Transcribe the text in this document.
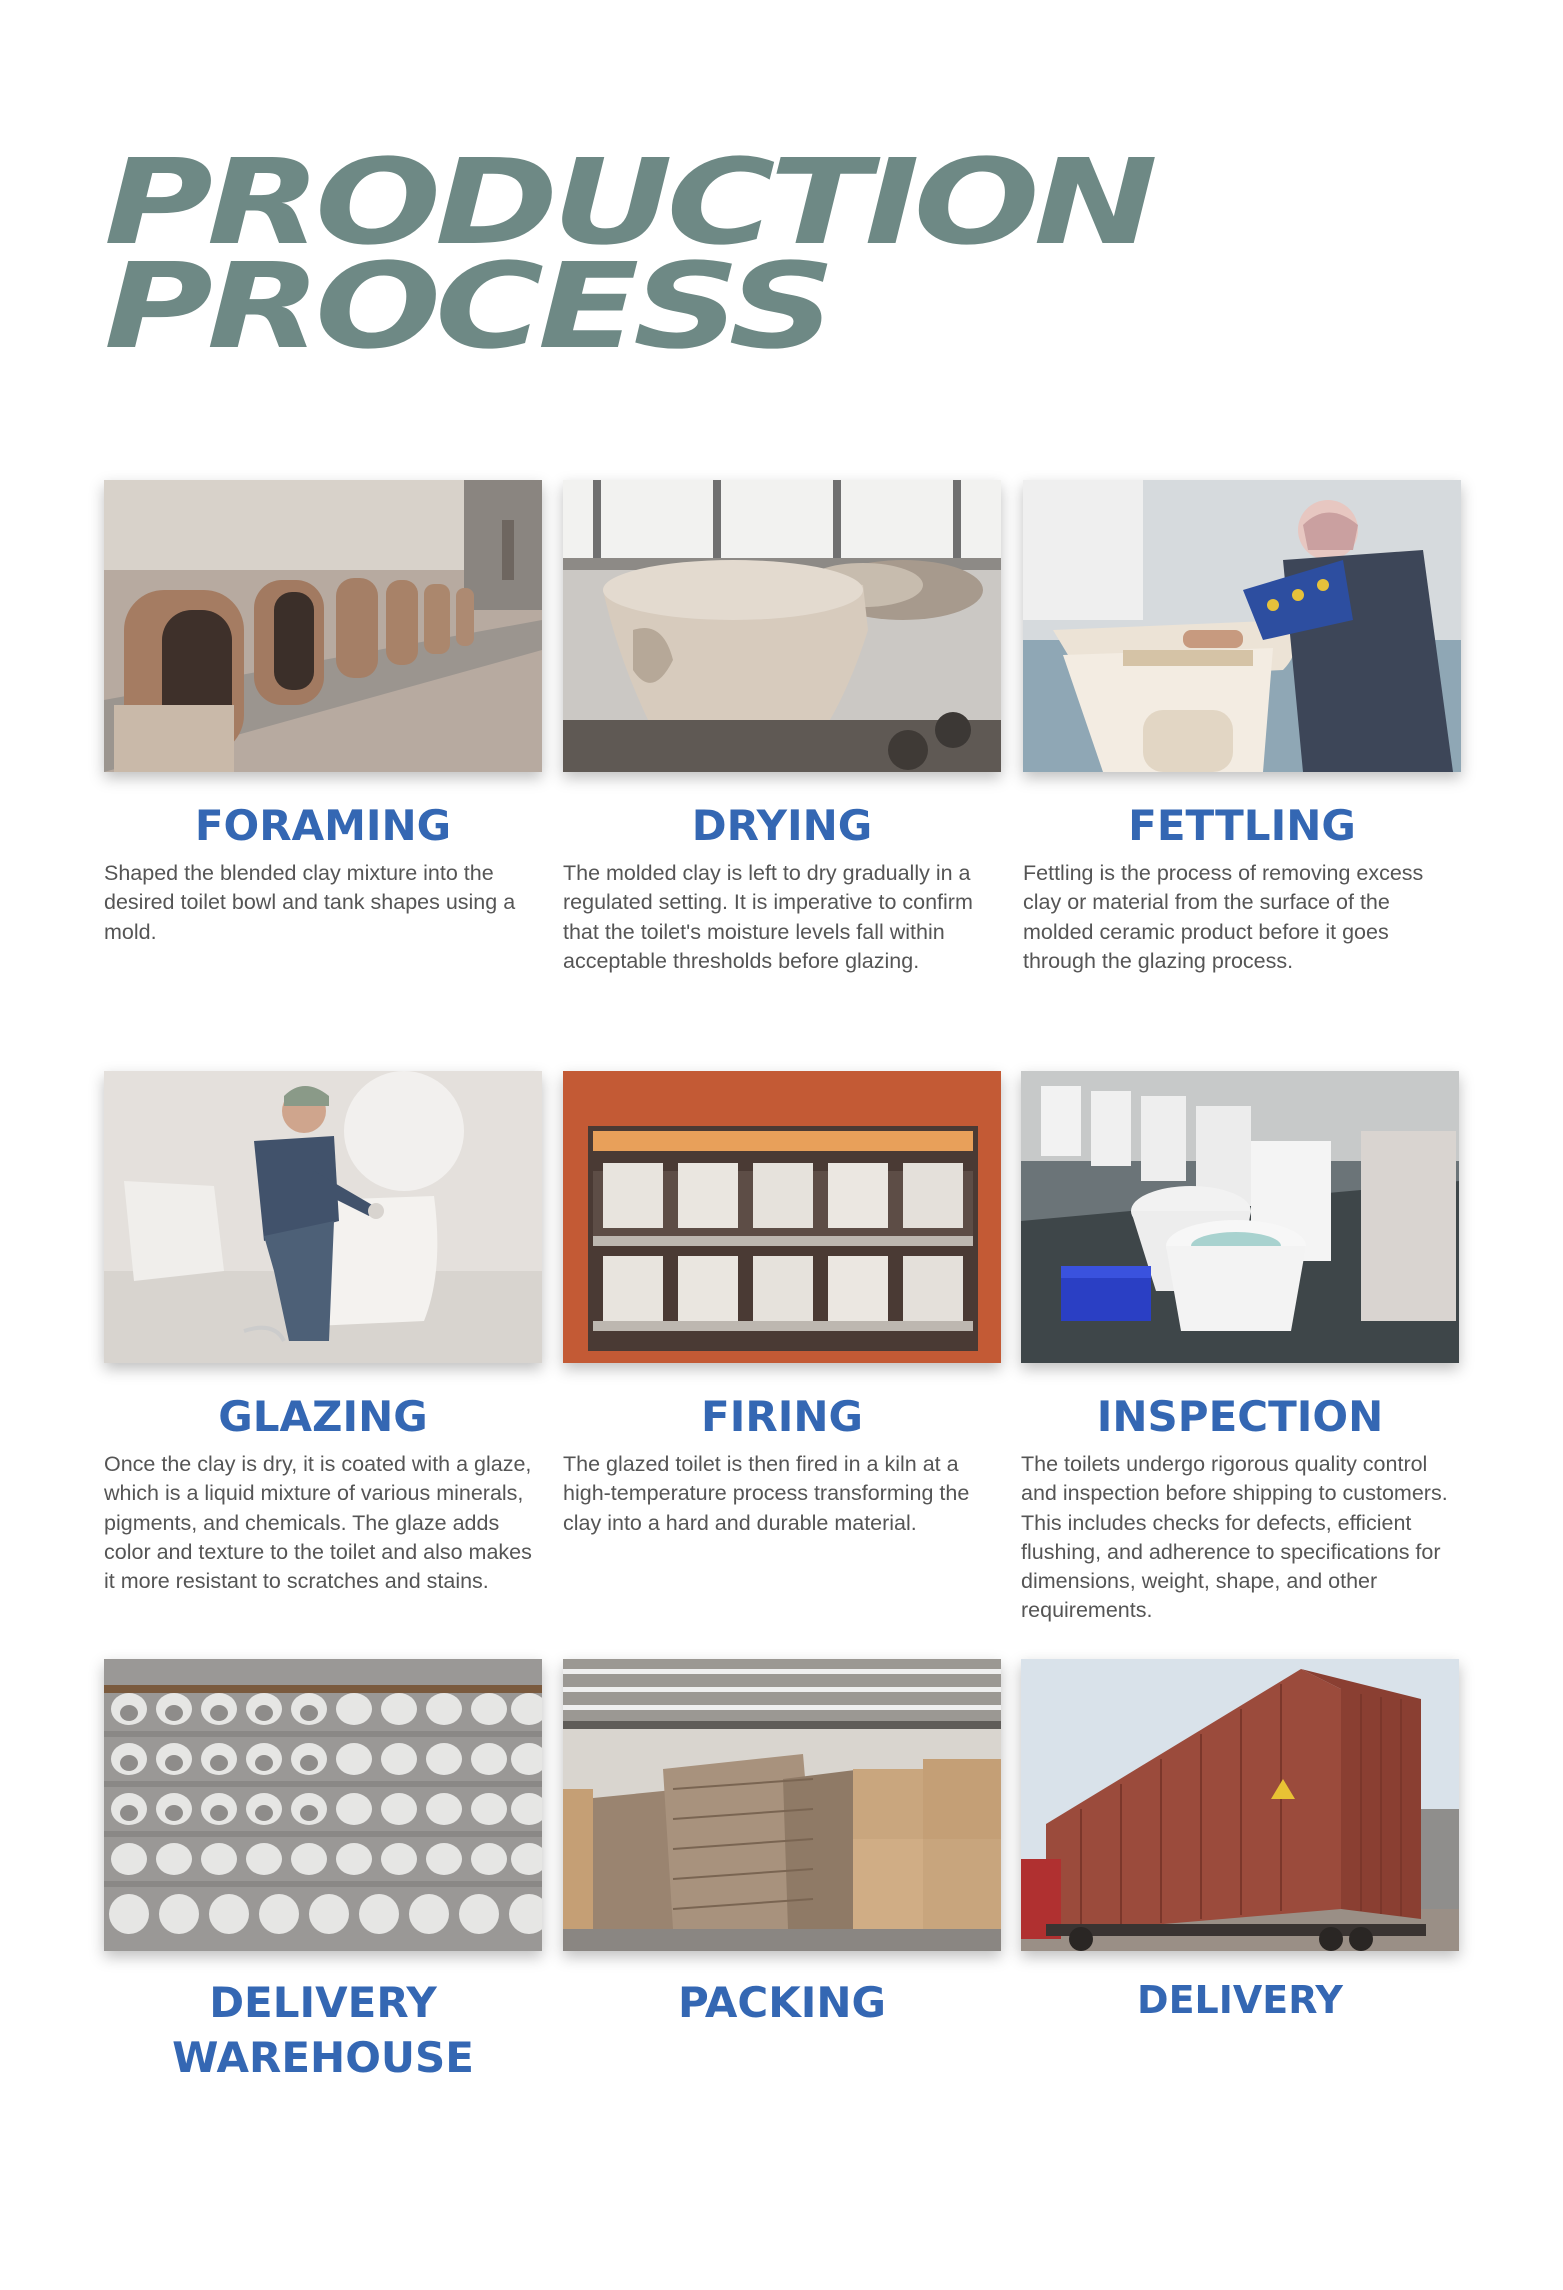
PRODUCTION
PROCESS
FORAMING

Shaped the blended clay mixture into the desired toilet bowl and tank shapes using a mold.

DRYING

The molded clay is left to dry gradually in a regulated setting. It is imperative to confirm that the toilet's moisture levels fall within acceptable thresholds before glazing.

FETTLING

Fettling is the process of removing excess clay or material from the surface of the molded ceramic product before it goes through the glazing process.

GLAZING

Once the clay is dry, it is coated with a glaze, which is a liquid mixture of various minerals, pigments, and chemicals. The glaze adds color and texture to the toilet and also makes it more resistant to scratches and stains.

FIRING

The glazed toilet is then fired in a kiln at a high-temperature process transforming the clay into a hard and durable material.

INSPECTION

The toilets undergo rigorous quality control and inspection before shipping to customers. This includes checks for defects, efficient flushing, and adherence to specifications for dimensions, weight, shape, and other requirements.

DELIVERY
WAREHOUSE
PACKING	DELIVERY
